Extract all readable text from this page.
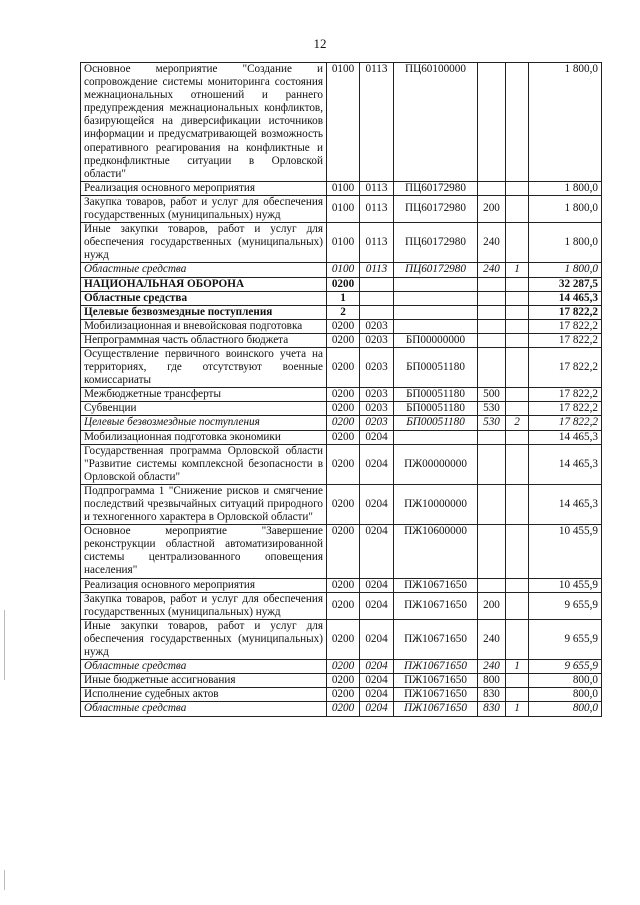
12
Основное мероприятие "Создание и сопровождение системы мониторинга состояния межнациональных отношений и раннего предупреждения межнациональных конфликтов, базирующейся на диверсификации источников информации и предусматривающей возможность оперативного реагирования на конфликтные и предконфликтные ситуации в Орловской области"	0100	0113	ПЦ60100000			1 800,0
Реализация основного мероприятия	0100	0113	ПЦ60172980			1 800,0
Закупка товаров, работ и услуг для обеспечения государственных (муниципальных) нужд	0100	0113	ПЦ60172980	200		1 800,0
Иные закупки товаров, работ и услуг для обеспечения государственных (муниципальных) нужд	0100	0113	ПЦ60172980	240		1 800,0
Областные средства	0100	0113	ПЦ60172980	240	1	1 800,0
НАЦИОНАЛЬНАЯ ОБОРОНА	0200					32 287,5
Областные средства	1					14 465,3
Целевые безвозмездные поступления	2					17 822,2
Мобилизационная и вневойсковая подготовка	0200	0203				17 822,2
Непрограммная часть областного бюджета	0200	0203	БП00000000			17 822,2
Осуществление первичного воинского учета на территориях, где отсутствуют военные комиссариаты	0200	0203	БП00051180			17 822,2
Межбюджетные трансферты	0200	0203	БП00051180	500		17 822,2
Субвенции	0200	0203	БП00051180	530		17 822,2
Целевые безвозмездные поступления	0200	0203	БП00051180	530	2	17 822,2
Мобилизационная подготовка экономики	0200	0204				14 465,3
Государственная программа Орловской области "Развитие системы комплексной безопасности в Орловской области"	0200	0204	ПЖ00000000			14 465,3
Подпрограмма 1 "Снижение рисков и смягчение последствий чрезвычайных ситуаций природного и техногенного характера в Орловской области"	0200	0204	ПЖ10000000			14 465,3
Основное мероприятие "Завершение реконструкции областной автоматизированной системы централизованного оповещения населения"	0200	0204	ПЖ10600000			10 455,9
Реализация основного мероприятия	0200	0204	ПЖ10671650			10 455,9
Закупка товаров, работ и услуг для обеспечения государственных (муниципальных) нужд	0200	0204	ПЖ10671650	200		9 655,9
Иные закупки товаров, работ и услуг для обеспечения государственных (муниципальных) нужд	0200	0204	ПЖ10671650	240		9 655,9
Областные средства	0200	0204	ПЖ10671650	240	1	9 655,9
Иные бюджетные ассигнования	0200	0204	ПЖ10671650	800		800,0
Исполнение судебных актов	0200	0204	ПЖ10671650	830		800,0
Областные средства	0200	0204	ПЖ10671650	830	1	800,0
